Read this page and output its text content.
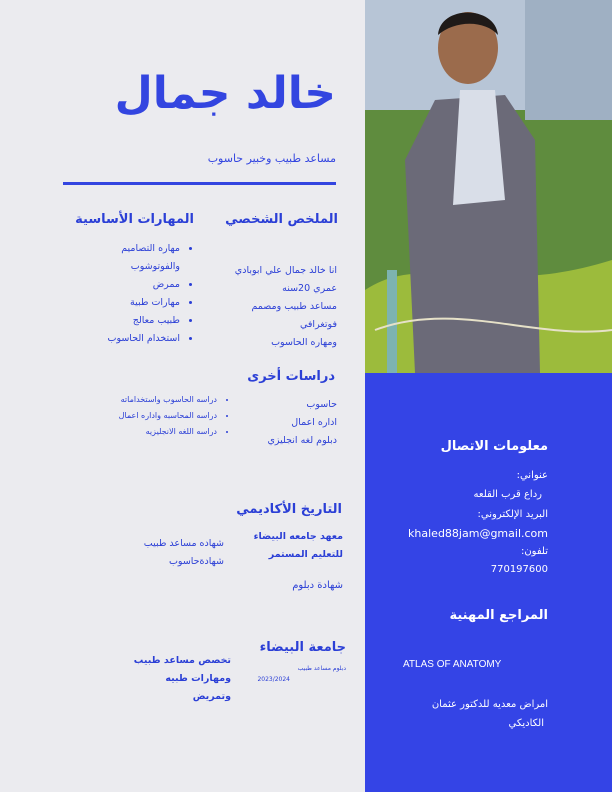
خالد جمال
مساعد طبيب وخبير حاسوب
الملخص الشخصي
انا خالد جمال علي ابوبادي
عمري 20سنه
مساعد طبيب ومصمم
فوتغرافي
ومهاره الحاسوب
المهارات الأساسية
• مهاره التصاميم
والفوتوشوب
• ممرض
• مهارات طبية
• طبيب معالج
• استخدام الحاسوب
دراسات أخرى
حاسوب
اداره اعمال
دبلوم لغه انجليزي
• دراسه الحاسوب واستخداماته
• دراسه المحاسبه واداره اعمال
• دراسه اللغه الانجليزيه
التاريخ الأكاديمي
معهد جامعه البيضاء
للتعليم المستمر
شهاده مساعد طبيب
شهادةحاسوب
شهادة دبلوم
جامعة البيضاء
دبلوم مساعد طبيب
2023/2024
تخصص مساعد طبيب
ومهارات طبيه
وتمريض
معلومات الاتصال
عنواني:
رداع قرب القلعه
البريد الإلكتروني:
khaled88jam@gmail.com
تلفون:
770197600
المراجع المهنية
ATLAS OF ANATOMY
امراض معديه للدكتور عثمان
الكاديكي
